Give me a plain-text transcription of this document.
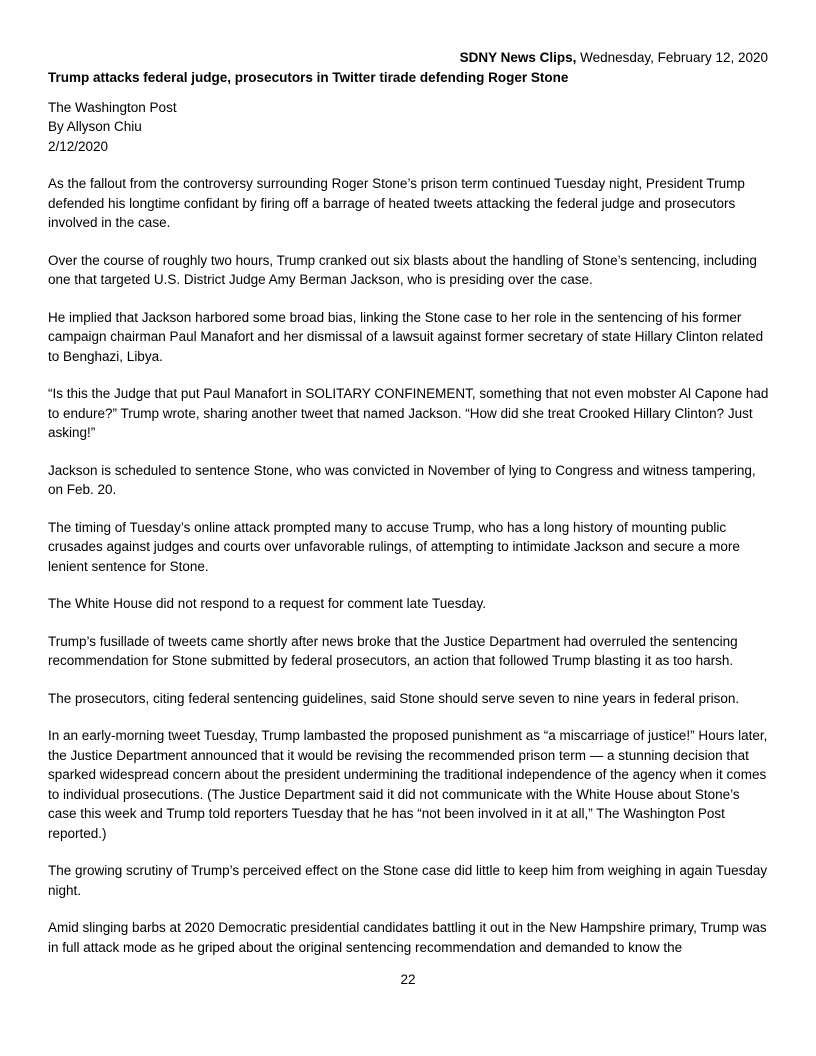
SDNY News Clips, Wednesday, February 12, 2020
Trump attacks federal judge, prosecutors in Twitter tirade defending Roger Stone
The Washington Post
By Allyson Chiu
2/12/2020

As the fallout from the controversy surrounding Roger Stone’s prison term continued Tuesday night, President Trump defended his longtime confidant by firing off a barrage of heated tweets attacking the federal judge and prosecutors involved in the case.

Over the course of roughly two hours, Trump cranked out six blasts about the handling of Stone’s sentencing, including one that targeted U.S. District Judge Amy Berman Jackson, who is presiding over the case.

He implied that Jackson harbored some broad bias, linking the Stone case to her role in the sentencing of his former campaign chairman Paul Manafort and her dismissal of a lawsuit against former secretary of state Hillary Clinton related to Benghazi, Libya.

“Is this the Judge that put Paul Manafort in SOLITARY CONFINEMENT, something that not even mobster Al Capone had to endure?” Trump wrote, sharing another tweet that named Jackson. “How did she treat Crooked Hillary Clinton? Just asking!”

Jackson is scheduled to sentence Stone, who was convicted in November of lying to Congress and witness tampering, on Feb. 20.

The timing of Tuesday’s online attack prompted many to accuse Trump, who has a long history of mounting public crusades against judges and courts over unfavorable rulings, of attempting to intimidate Jackson and secure a more lenient sentence for Stone.

The White House did not respond to a request for comment late Tuesday.

Trump’s fusillade of tweets came shortly after news broke that the Justice Department had overruled the sentencing recommendation for Stone submitted by federal prosecutors, an action that followed Trump blasting it as too harsh.

The prosecutors, citing federal sentencing guidelines, said Stone should serve seven to nine years in federal prison.

In an early-morning tweet Tuesday, Trump lambasted the proposed punishment as “a miscarriage of justice!” Hours later, the Justice Department announced that it would be revising the recommended prison term — a stunning decision that sparked widespread concern about the president undermining the traditional independence of the agency when it comes to individual prosecutions. (The Justice Department said it did not communicate with the White House about Stone’s case this week and Trump told reporters Tuesday that he has “not been involved in it at all,” The Washington Post reported.)

The growing scrutiny of Trump’s perceived effect on the Stone case did little to keep him from weighing in again Tuesday night.

Amid slinging barbs at 2020 Democratic presidential candidates battling it out in the New Hampshire primary, Trump was in full attack mode as he griped about the original sentencing recommendation and demanded to know the

22
